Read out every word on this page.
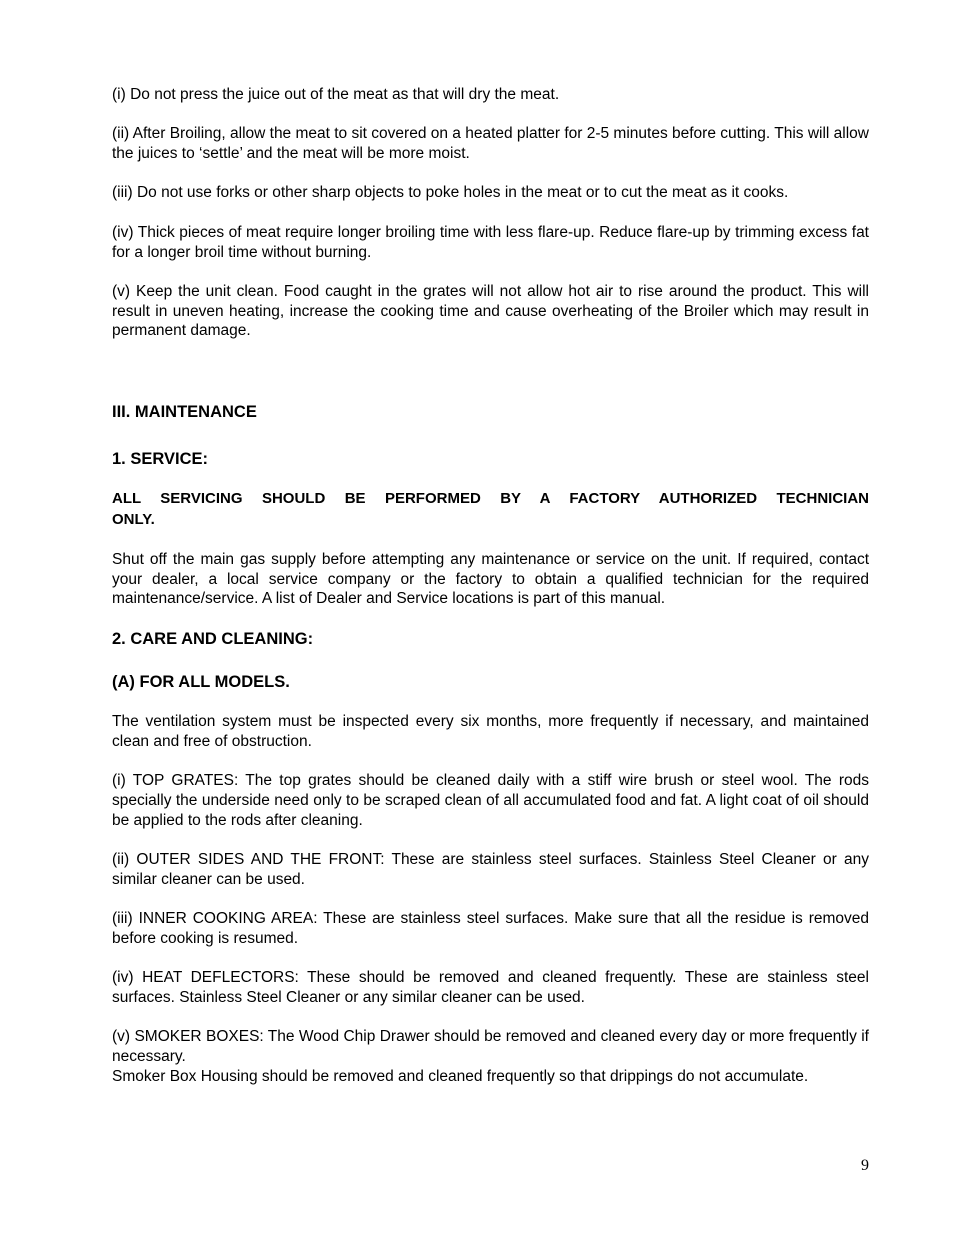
(i) Do not press the juice out of the meat as that will dry the meat.

(ii) After Broiling, allow the meat to sit covered on a heated platter for 2-5 minutes before cutting. This will allow the juices to ‘settle’ and the meat will be more moist.

(iii) Do not use forks or other sharp objects to poke holes in the meat or to cut the meat as it cooks.

(iv) Thick pieces of meat require longer broiling time with less flare-up. Reduce flare-up by trimming excess fat for a longer broil time without burning.

(v) Keep the unit clean. Food caught in the grates will not allow hot air to rise around the product. This will result in uneven heating, increase the cooking time and cause overheating of the Broiler which may result in permanent damage.

III. MAINTENANCE
1. SERVICE:

ALL SERVICING SHOULD BE PERFORMED BY A FACTORY AUTHORIZED TECHNICIAN
ONLY.

Shut off the main gas supply before attempting any maintenance or service on the unit. If required, contact your dealer, a local service company or the factory to obtain a qualified technician for the required maintenance/service. A list of Dealer and Service locations is part of this manual.

2. CARE AND CLEANING:
(A) FOR ALL MODELS.

The ventilation system must be inspected every six months, more frequently if necessary, and maintained clean and free of obstruction.

(i) TOP GRATES: The top grates should be cleaned daily with a stiff wire brush or steel wool. The rods specially the underside need only to be scraped clean of all accumulated food and fat. A light coat of oil should be applied to the rods after cleaning.

(ii) OUTER SIDES AND THE FRONT: These are stainless steel surfaces. Stainless Steel Cleaner or any similar cleaner can be used.

(iii) INNER COOKING AREA: These are stainless steel surfaces. Make sure that all the residue is removed before cooking is resumed.

(iv) HEAT DEFLECTORS: These should be removed and cleaned frequently. These are stainless steel surfaces. Stainless Steel Cleaner or any similar cleaner can be used.

(v) SMOKER BOXES: The Wood Chip Drawer should be removed and cleaned every day or more frequently if necessary.

Smoker Box Housing should be removed and cleaned frequently so that drippings do not accumulate.

9
